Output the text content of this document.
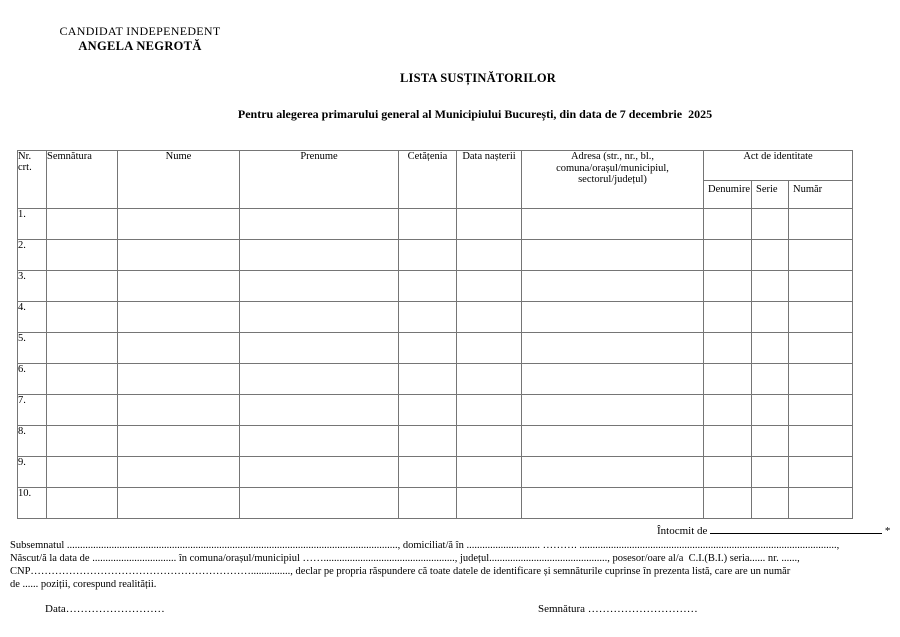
CANDIDAT INDEPENEDENT
ANGELA NEGROTĂ
LISTA SUSȚINĂTORILOR
Pentru alegerea primarului general al Municipiului București, din data de 7 decembrie  2025
Nr. crt.	Semnătura	Nume	Prenume	Cetățenia	Data nașterii	Adresa (str., nr., bl., comuna/orașul/municipiul, sectorul/județul)	Act de identitate		
							Denumire	Serie	Număr
1.									
2.									
3.									
4.									
5.									
6.									
7.									
8.									
9.									
10.									
Întocmit de	*
Subsemnatul .............................................................................................................................., domiciliat/ă în ............................ ………. ..................................................................................................,
Născut/ă la data de ................................ în comuna/orașul/municipiul …….................................................., județul............................................., posesor/oare al/a  C.I.(B.I.) seria...... nr. ......,
CNP………………………………………………………..............., declar pe propria răspundere că toate datele de identificare și semnăturile cuprinse în prezenta listă, care are un număr
de ...... poziții, corespund realității.
Data………………………	Semnătura …………………………
